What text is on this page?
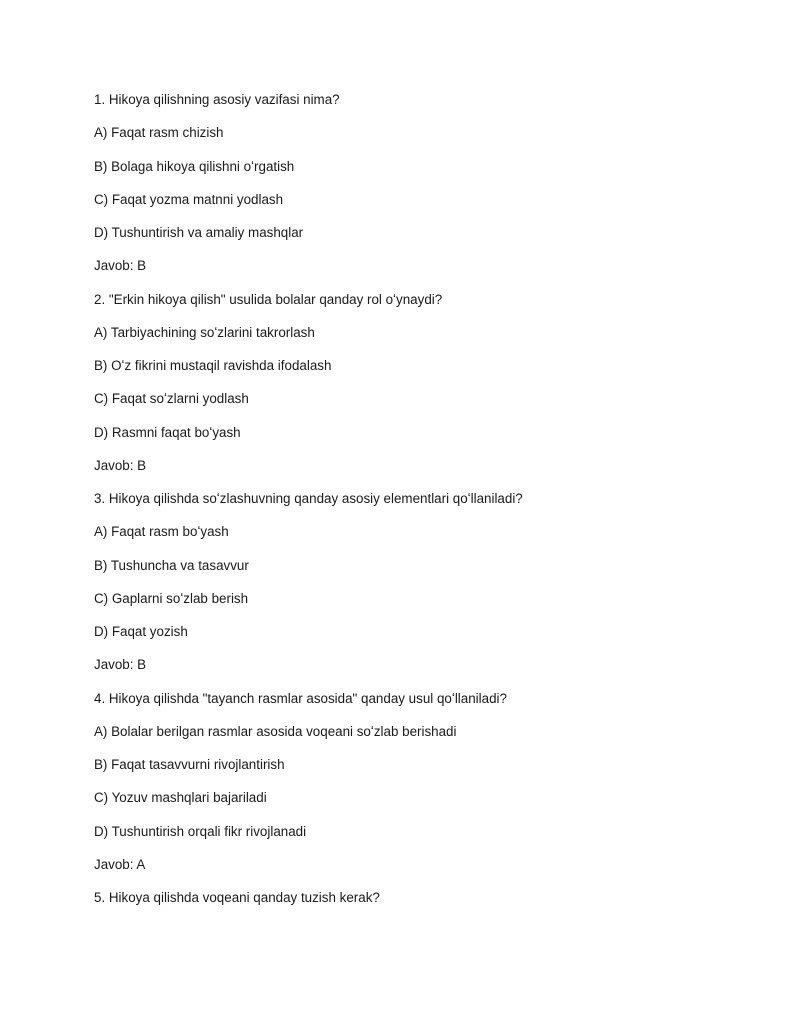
1. Hikoya qilishning asosiy vazifasi nima?
A) Faqat rasm chizish
B) Bolaga hikoya qilishni oʻrgatish
C) Faqat yozma matnni yodlash
D) Tushuntirish va amaliy mashqlar
Javob: B
2. "Erkin hikoya qilish" usulida bolalar qanday rol oʻynaydi?
A) Tarbiyachining soʻzlarini takrorlash
B) Oʻz fikrini mustaqil ravishda ifodalash
C) Faqat soʻzlarni yodlash
D) Rasmni faqat boʻyash
Javob: B
3. Hikoya qilishda soʻzlashuvning qanday asosiy elementlari qoʻllaniladi?
A) Faqat rasm boʻyash
B) Tushuncha va tasavvur
C) Gaplarni soʻzlab berish
D) Faqat yozish
Javob: B
4. Hikoya qilishda "tayanch rasmlar asosida" qanday usul qoʻllaniladi?
A) Bolalar berilgan rasmlar asosida voqeani soʻzlab berishadi
B) Faqat tasavvurni rivojlantirish
C) Yozuv mashqlari bajariladi
D) Tushuntirish orqali fikr rivojlanadi
Javob: A
5. Hikoya qilishda voqeani qanday tuzish kerak?
